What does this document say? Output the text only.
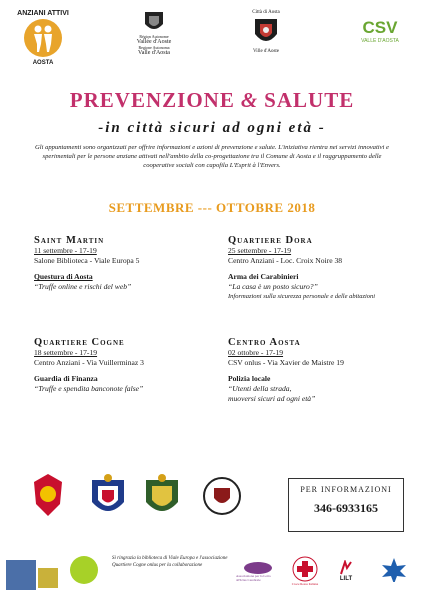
ANZIANI ATTIVI
AOSTA
Région Autonome
Vallée d'Aoste
Regione Autonoma
Valle d'Aosta
Città di Aosta
Ville d'Aoste
CSV
VALLE D'AOSTA
PREVENZIONE & SALUTE
-in città sicuri ad ogni età -
Gli appuntamenti sono organizzati per offrire informazioni e azioni di prevenzione e salute. L'iniziativa rientra nei servizi innovativi e sperimentali per le persone anziane attivati nell'ambito della co-progettazione tra il Comune di Aosta e il raggruppamento delle cooperative sociali con capofila L'Esprit à l'Envers.
SETTEMBRE --- OTTOBRE 2018
Saint Martin
11 settembre - 17-19
Salone Biblioteca - Viale Europa 5
Questura di Aosta
“Truffe online e rischi del web”
Quartiere Dora
25 settembre - 17-19
Centro Anziani - Loc. Croix Noire 38
Arma dei Carabinieri
“La casa è un posto sicuro?”
Informazioni sulla sicurezza personale e delle abitazioni
Quartiere Cogne
18 settembre - 17-19
Centro Anziani - Via Vuillerminaz 3
Guardia di Finanza
“Truffe e spendita banconote false”
Centro Aosta
02 ottobre - 17-19
CSV onlus - Via Xavier de Maistre 19
Polizia locale
“Utenti della strada,
muoversi sicuri ad ogni età”
PER INFORMAZIONI
346-6933165
Si ringrazia la biblioteca di Viale Europa e l'associazione Quartiere Cogne onlus per la collaborazione
Associazione per la Lotta all'Ictus Cerebrale
Croce Rossa Italiana
LILT
